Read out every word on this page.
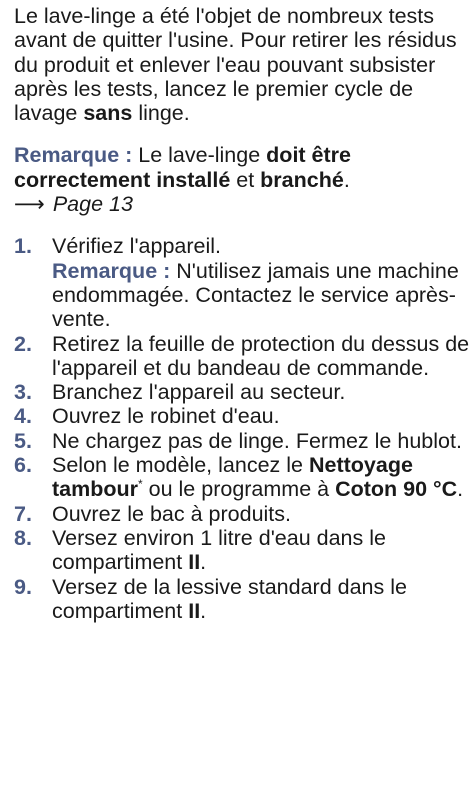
Le lave-linge a été l'objet de nombreux tests avant de quitter l'usine. Pour retirer les résidus du produit et enlever l'eau pouvant subsister après les tests, lancez le premier cycle de lavage sans linge.

Remarque : Le lave-linge doit être correctement installé et branché.

⟶ Page 13

1. Vérifiez l'appareil.
Remarque : N'utilisez jamais une machine endommagée. Contactez le service après-vente.
2. Retirez la feuille de protection du dessus de l'appareil et du bandeau de commande.
3. Branchez l'appareil au secteur.
4. Ouvrez le robinet d'eau.
5. Ne chargez pas de linge. Fermez le hublot.
6. Selon le modèle, lancez le Nettoyage tambour* ou le programme à Coton 90 °C.
7. Ouvrez le bac à produits.
8. Versez environ 1 litre d'eau dans le compartiment II.
9. Versez de la lessive standard dans le compartiment II.
